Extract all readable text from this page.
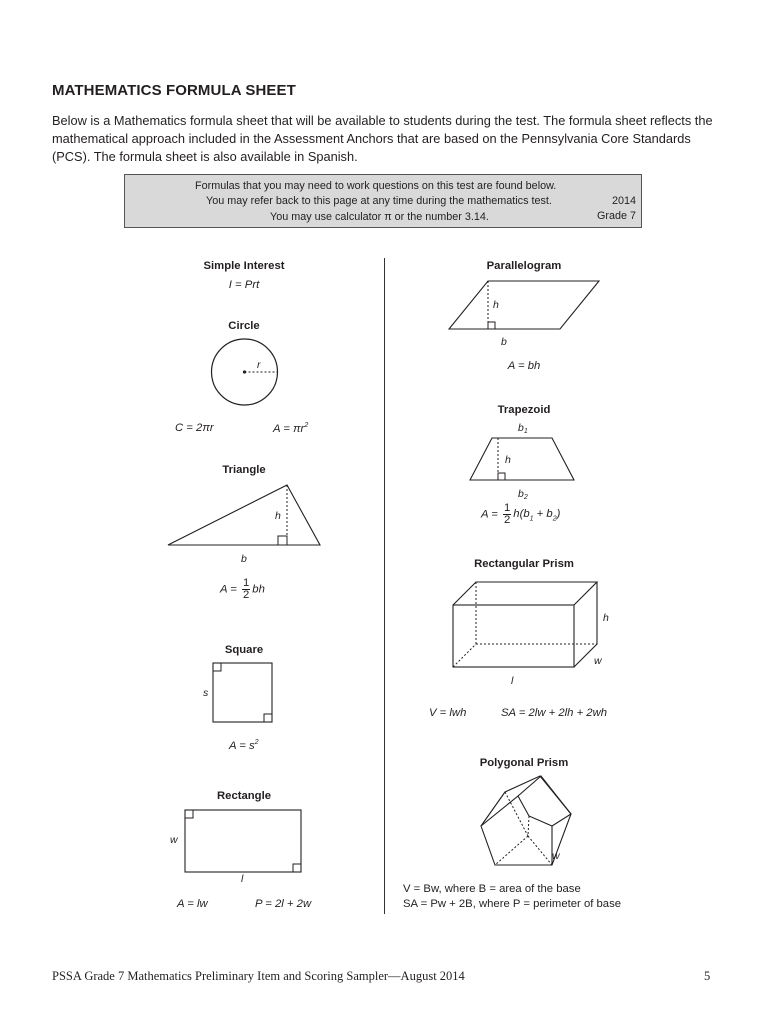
MATHEMATICS FORMULA SHEET
Below is a Mathematics formula sheet that will be available to students during the test. The formula sheet reflects the mathematical approach included in the Assessment Anchors that are based on the Pennsylvania Core Standards (PCS). The formula sheet is also available in Spanish.
Formulas that you may need to work questions on this test are found below.
You may refer back to this page at any time during the mathematics test.
You may use calculator π or the number 3.14.
2014
Grade 7
Simple Interest
I = Prt
Circle
r
C = 2πr	$A = \pi r^2$
Triangle
h
b
$A = \frac{1}{2}$ bh
Square
s
$A = s^2$
Rectangle
w
l
A = lw	P = 2l + 2w
Parallelogram
h
b
A = bh
Trapezoid
b1
h
b2
$A = \frac{1}{2} h(b_1 + b_2)$
Rectangular Prism
h
w
l
V = lwh	SA = 2lw + 2lh + 2wh
Polygonal Prism
w
V = Bw, where B = area of the base
SA = Pw + 2B, where P = perimeter of base
PSSA Grade 7 Mathematics Preliminary Item and Scoring Sampler—August 2014	5
